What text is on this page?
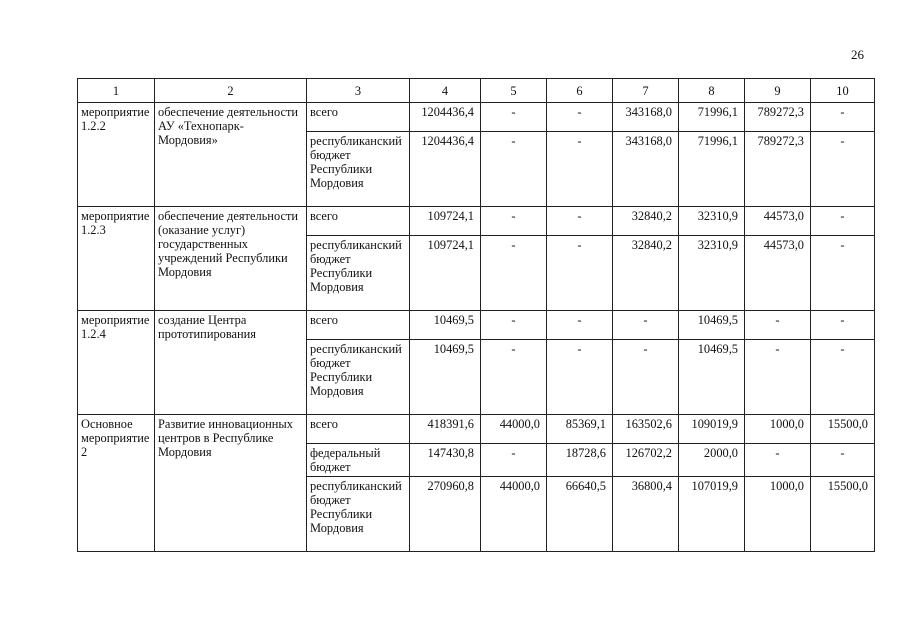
26
1	2	3	4	5	6	7	8	9	10
мероприятие 1.2.2	обеспечение деятельности АУ «Технопарк-Мордовия»	всего	1204436,4	-	-	343168,0	71996,1	789272,3	-
		республиканский бюджет Республики Мордовия	1204436,4	-	-	343168,0	71996,1	789272,3	-
мероприятие 1.2.3	обеспечение деятельности (оказание услуг) государственных учреждений Республики Мордовия	всего	109724,1	-	-	32840,2	32310,9	44573,0	-
		республиканский бюджет Республики Мордовия	109724,1	-	-	32840,2	32310,9	44573,0	-
мероприятие 1.2.4	создание Центра прототипирования	всего	10469,5	-	-	-	10469,5	-	-
		республиканский бюджет Республики Мордовия	10469,5	-	-	-	10469,5	-	-
Основное мероприятие 2	Развитие инновационных центров в Республике Мордовия	всего	418391,6	44000,0	85369,1	163502,6	109019,9	1000,0	15500,0
		федеральный бюджет	147430,8	-	18728,6	126702,2	2000,0	-	-
		республиканский бюджет Республики Мордовия	270960,8	44000,0	66640,5	36800,4	107019,9	1000,0	15500,0
